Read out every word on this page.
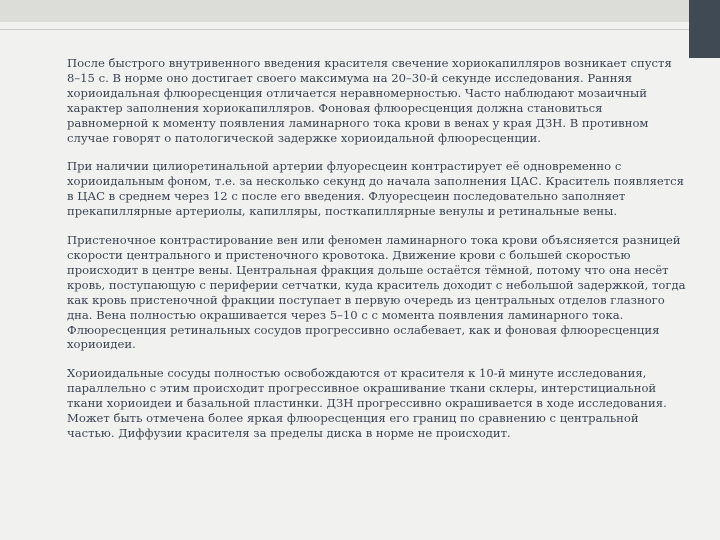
После быстрого внутривенного введения красителя свечение хориокапилляров возникает спустя 8–15 с. В норме оно достигает своего максимума на 20–30-й секунде исследования. Ранняя хориоидальная флюоресценция отличается неравномерностью. Часто наблюдают мозаичный характер заполнения хориокапилляров. Фоновая флюоресценция должна становиться равномерной к моменту появления ламинарного тока крови в венах у края ДЗН. В противном случае говорят о патологической задержке хориоидальной флюоресценции.

При наличии цилиоретинальной артерии флуоресцеин контрастирует её одновременно с хориоидальным фоном, т.е. за несколько секунд до начала заполнения ЦАС. Краситель появляется в ЦАС в среднем через 12 с после его введения. Флуоресцеин последовательно заполняет прекапиллярные артериолы, капилляры, посткапиллярные венулы и ретинальные вены.

Пристеночное контрастирование вен или феномен ламинарного тока крови объясняется разницей скорости центрального и пристеночного кровотока. Движение крови с большей скоростью происходит в центре вены. Центральная фракция дольше остаётся тёмной, потому что она несёт кровь, поступающую с периферии сетчатки, куда краситель доходит с небольшой задержкой, тогда как кровь пристеночной фракции поступает в первую очередь из центральных отделов глазного дна. Вена полностью окрашивается через 5–10 с с момента появления ламинарного тока. Флюоресценция ретинальных сосудов прогрессивно ослабевает, как и фоновая флюоресценция хориоидеи.

Хориоидальные сосуды полностью освобождаются от красителя к 10-й минуте исследования, параллельно с этим происходит прогрессивное окрашивание ткани склеры, интерстициальной ткани хориоидеи и базальной пластинки. ДЗН прогрессивно окрашивается в ходе исследования. Может быть отмечена более яркая флюоресценция его границ по сравнению с центральной частью. Диффузии красителя за пределы диска в норме не происходит.
